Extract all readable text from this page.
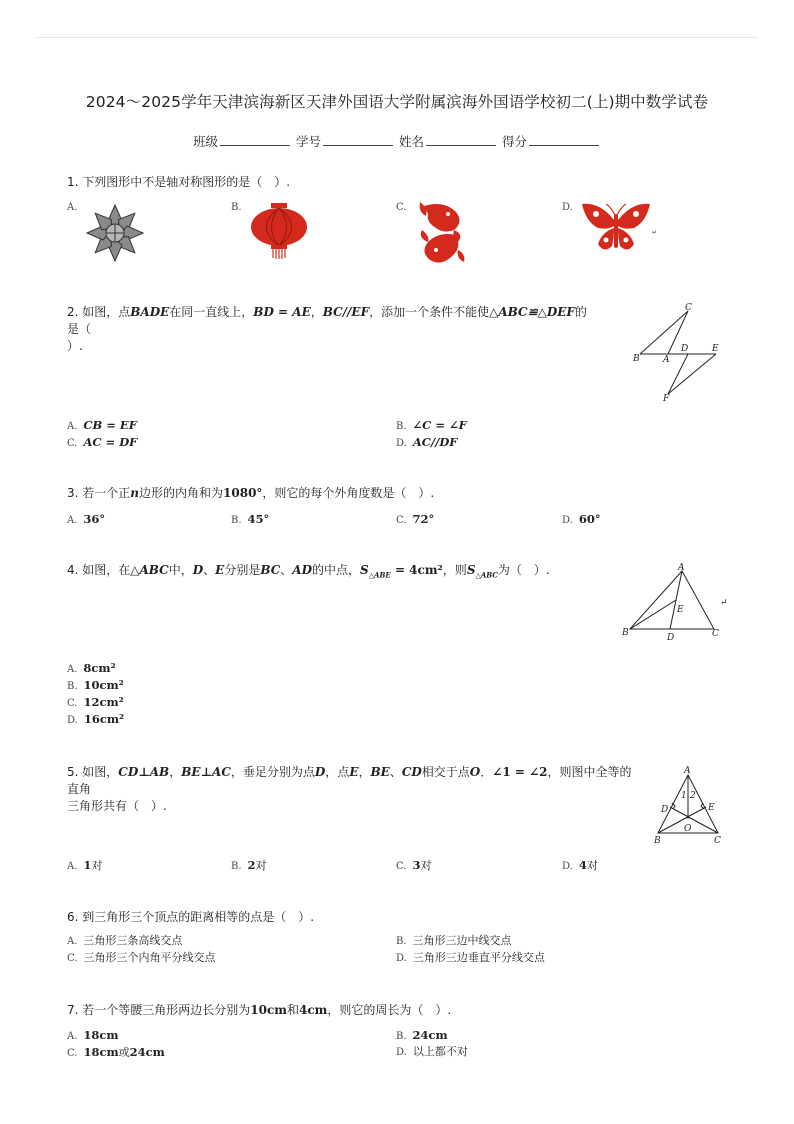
2024～2025学年天津滨海新区天津外国语大学附属滨海外国语学校初二(上)期中数学试卷
班级	学号	姓名	得分
1. 下列图形中不是轴对称图形的是（　）.
A.	B.	C.	D.
↵
2. 如图，点BADE在同一直线上，BD = AE，BC//EF，添加一个条件不能使△ABC≌△DEF的是（
）.
B	A
D	E
C
F
A. CB = EF	B. ∠C = ∠F
C. AC = DF	D. AC//DF
3. 若一个正n边形的内角和为1080°，则它的每个外角度数是（　）.
A. 36°	B. 45°	C. 72°	D. 60°
4. 如图，在△ABC中，D、E分别是BC、AD的中点，$S_{\triangle ABE} = 4cm^2$，则$S_{\triangle ABC}$为（　）.	A
B	C
D
E
↵
A. 8cm²
B. 10cm²
C. 12cm²
D. 16cm²
5. 如图，CD⊥AB，BE⊥AC，垂足分别为点D，点E，BE、CD相交于点O．∠1 = ∠2，则图中全等的直角
三角形共有（　）.
A
B	C
D	E
O
1 2
A. 1对	B. 2对	C. 3对	D. 4对
6. 到三角形三个顶点的距离相等的点是（　）.
A. 三角形三条高线交点	B. 三角形三边中线交点
C. 三角形三个内角平分线交点	D. 三角形三边垂直平分线交点
7. 若一个等腰三角形两边长分别为10cm和4cm，则它的周长为（　）.
A. 18cm	B. 24cm
C. 18cm或24cm	D. 以上都不对
